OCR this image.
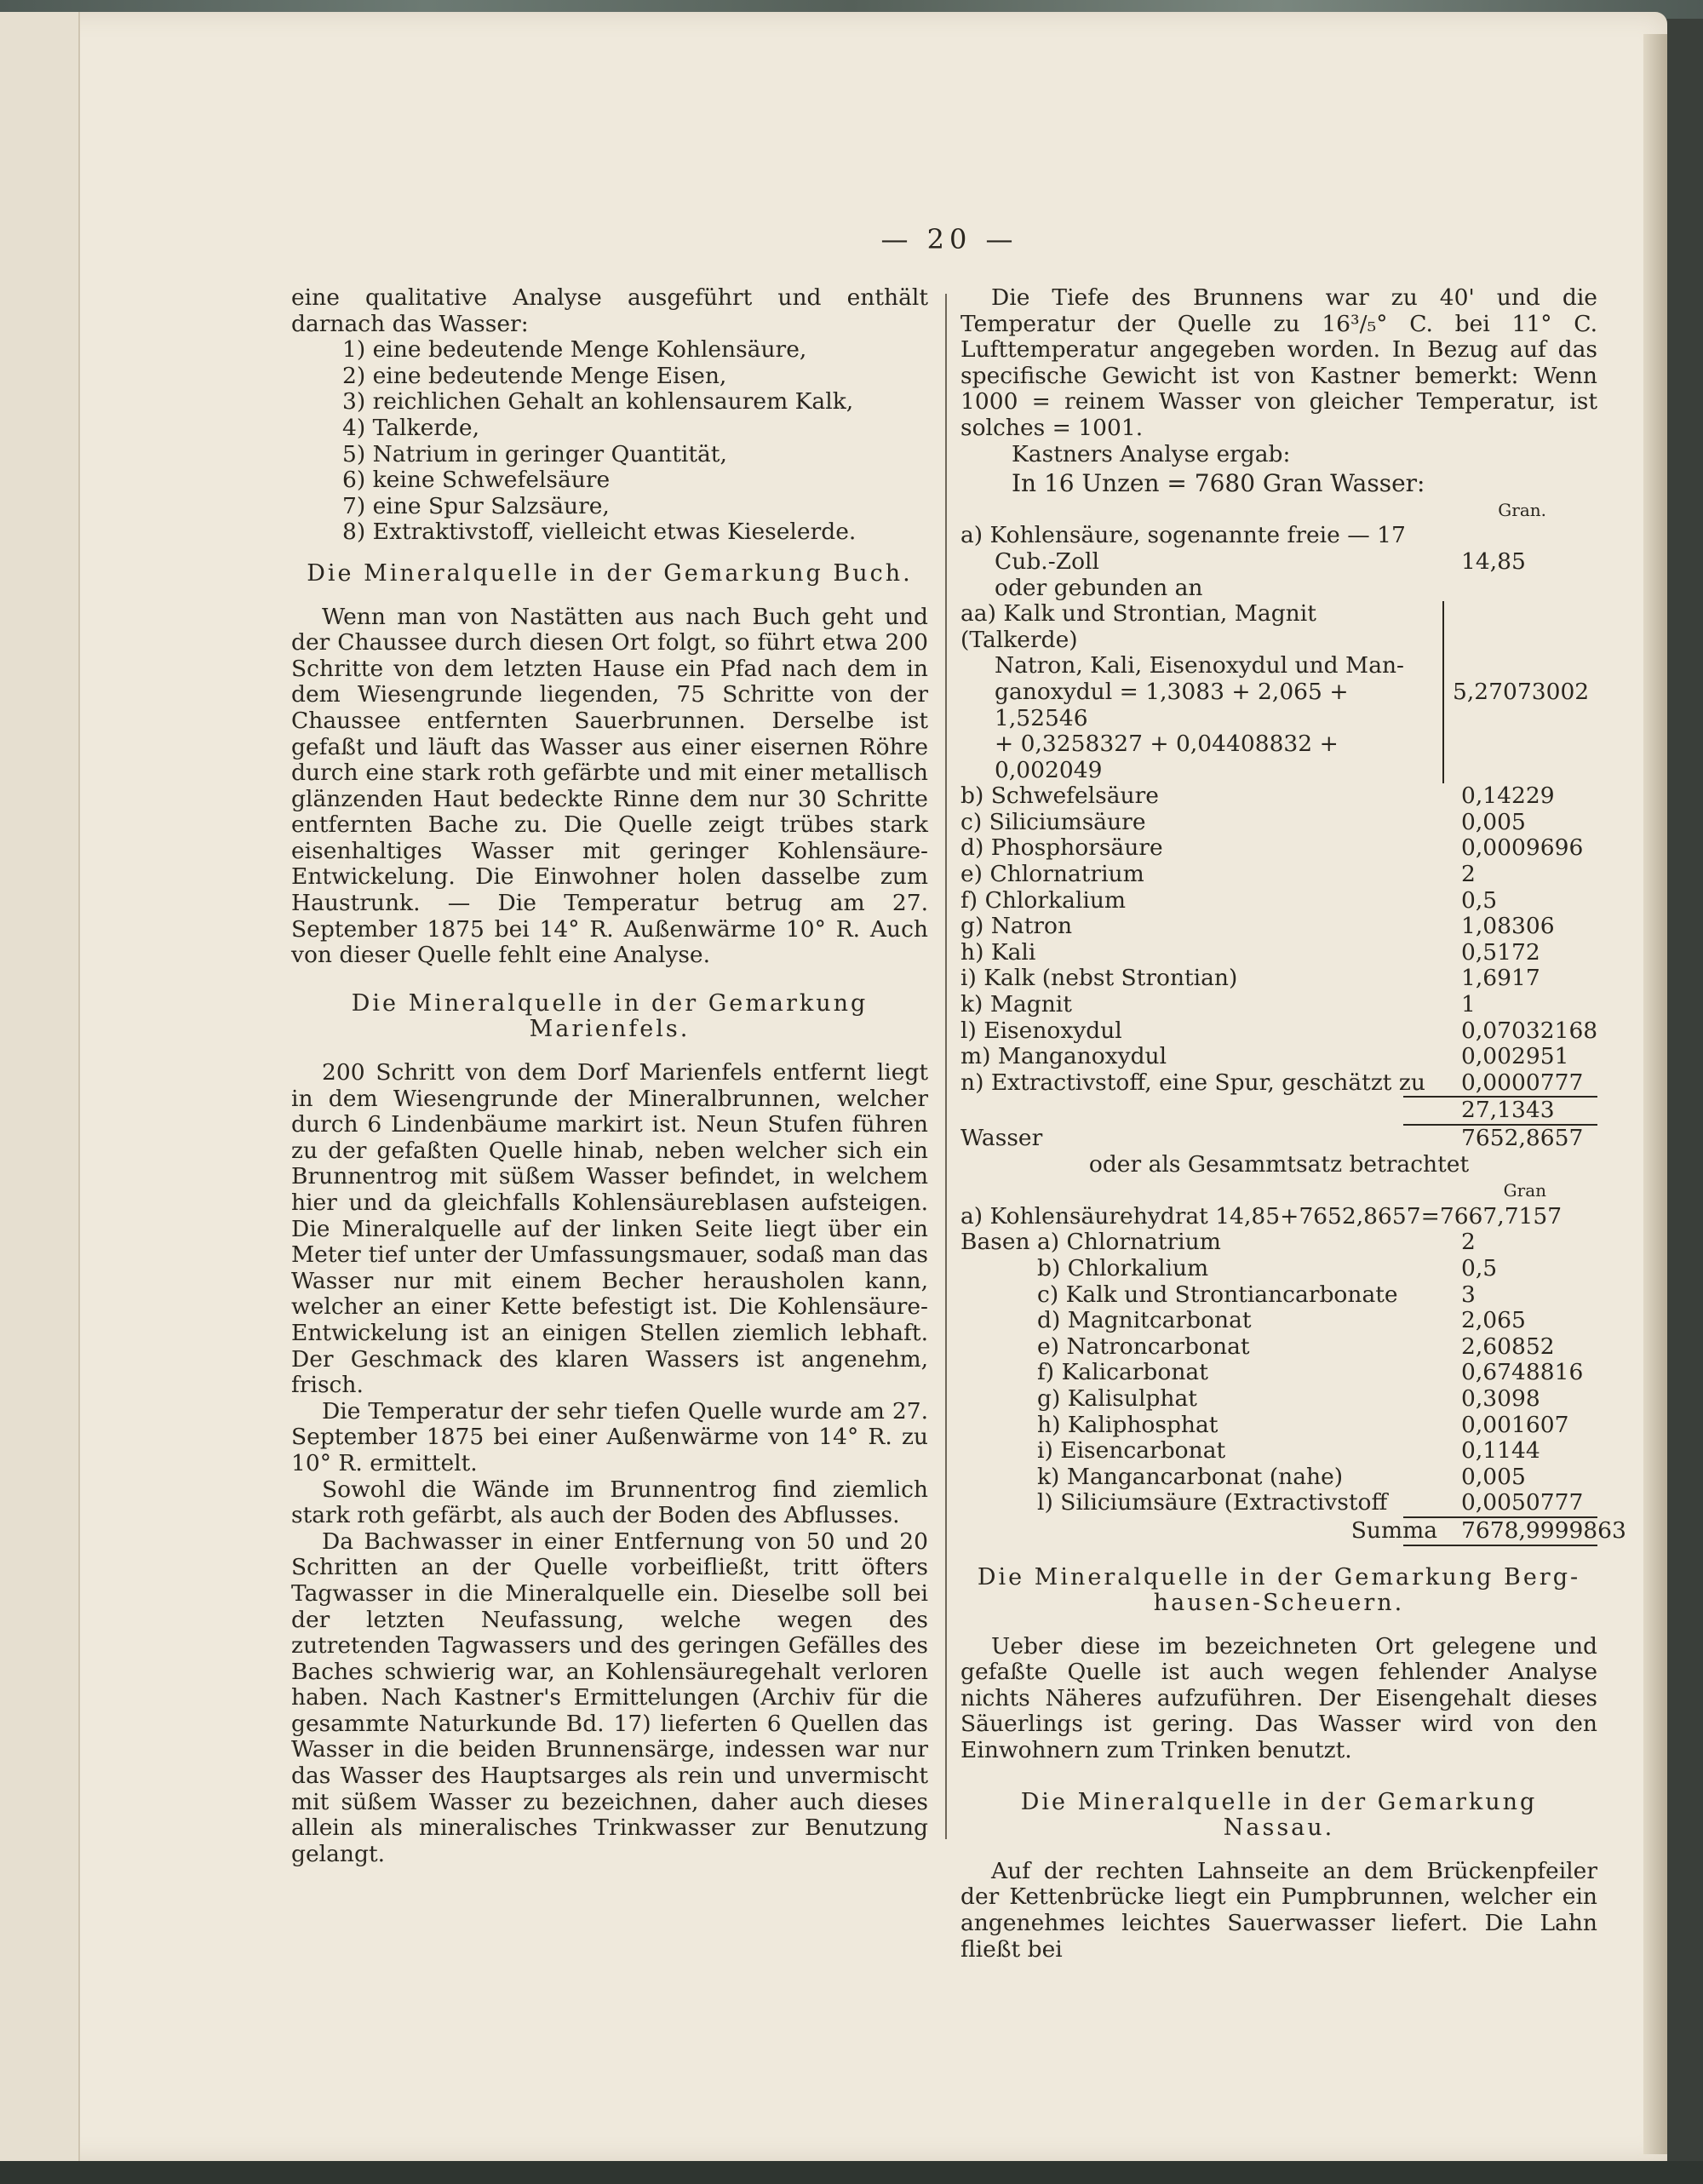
— 20 —

eine qualitative Analyse ausgeführt und enthält darnach das Wasser:

1) eine bedeutende Menge Kohlensäure,
2) eine bedeutende Menge Eisen,
3) reichlichen Gehalt an kohlensaurem Kalk,
4) Talkerde,
5) Natrium in geringer Quantität,
6) keine Schwefelsäure
7) eine Spur Salzsäure,
8) Extraktivstoff, vielleicht etwas Kieselerde.
Die Mineralquelle in der Gemarkung Buch.

Wenn man von Nastätten aus nach Buch geht und der Chaussee durch diesen Ort folgt, so führt etwa 200 Schritte von dem letzten Hause ein Pfad nach dem in dem Wiesengrunde liegenden, 75 Schritte von der Chaussee entfernten Sauerbrunnen. Derselbe ist gefaßt und läuft das Wasser aus einer eisernen Röhre durch eine stark roth gefärbte und mit einer metallisch glänzenden Haut bedeckte Rinne dem nur 30 Schritte entfernten Bache zu. Die Quelle zeigt trübes stark eisenhaltiges Wasser mit geringer Kohlensäure-Entwickelung. Die Einwohner holen dasselbe zum Haustrunk. — Die Temperatur betrug am 27. September 1875 bei 14° R. Außenwärme 10° R. Auch von dieser Quelle fehlt eine Analyse.

Die Mineralquelle in der Gemarkung
Marienfels.

200 Schritt von dem Dorf Marienfels entfernt liegt in dem Wiesengrunde der Mineralbrunnen, welcher durch 6 Lindenbäume markirt ist. Neun Stufen führen zu der gefaßten Quelle hinab, neben welcher sich ein Brunnentrog mit süßem Wasser befindet, in welchem hier und da gleichfalls Kohlensäureblasen aufsteigen. Die Mineralquelle auf der linken Seite liegt über ein Meter tief unter der Umfassungsmauer, sodaß man das Wasser nur mit einem Becher herausholen kann, welcher an einer Kette befestigt ist. Die Kohlensäure-Entwickelung ist an einigen Stellen ziemlich lebhaft. Der Geschmack des klaren Wassers ist angenehm, frisch.

Die Temperatur der sehr tiefen Quelle wurde am 27. September 1875 bei einer Außenwärme von 14° R. zu 10° R. ermittelt.

Sowohl die Wände im Brunnentrog find ziemlich stark roth gefärbt, als auch der Boden des Abflusses.

Da Bachwasser in einer Entfernung von 50 und 20 Schritten an der Quelle vorbeifließt, tritt öfters Tagwasser in die Mineralquelle ein. Dieselbe soll bei der letzten Neufassung, welche wegen des zutretenden Tagwassers und des geringen Gefälles des Baches schwierig war, an Kohlensäuregehalt verloren haben. Nach Kastner's Ermittelungen (Archiv für die gesammte Naturkunde Bd. 17) lieferten 6 Quellen das Wasser in die beiden Brunnensärge, indessen war nur das Wasser des Hauptsarges als rein und unvermischt mit süßem Wasser zu bezeichnen, daher auch dieses allein als mineralisches Trinkwasser zur Benutzung gelangt.

Die Tiefe des Brunnens war zu 40' und die Temperatur der Quelle zu 16³/₅° C. bei 11° C. Lufttemperatur angegeben worden. In Bezug auf das specifische Gewicht ist von Kastner bemerkt: Wenn 1000 = reinem Wasser von gleicher Temperatur, ist solches = 1001.

Kastners Analyse ergab:
In 16 Unzen = 7680 Gran Wasser:
Gran.
a) Kohlensäure, sogenannte freie — 17
Cub.-Zoll	14,85
oder gebunden an
aa) Kalk und Strontian, Magnit (Talkerde)
Natron, Kali, Eisenoxydul und Man-
ganoxydul = 1,3083 + 2,065 + 1,52546
+ 0,3258327 + 0,04408832 + 0,002049
5,27073002
b) Schwefelsäure	0,14229
c) Siliciumsäure	0,005
d) Phosphorsäure	0,0009696
e) Chlornatrium	2
f) Chlorkalium	0,5
g) Natron	1,08306
h) Kali	0,5172
i) Kalk (nebst Strontian)	1,6917
k) Magnit	1
l) Eisenoxydul	0,07032168
m) Manganoxydul	0,002951
n) Extractivstoff, eine Spur, geschätzt zu	0,0000777
27,1343
Wasser	7652,8657
oder als Gesammtsatz betrachtet
Gran
a) Kohlensäurehydrat 14,85+7652,8657=7667,7157
Basen a) Chlornatrium	2
b) Chlorkalium	0,5
c) Kalk und Strontiancarbonate	3
d) Magnitcarbonat	2,065
e) Natroncarbonat	2,60852
f) Kalicarbonat	0,6748816
g) Kalisulphat	0,3098
h) Kaliphosphat	0,001607
i) Eisencarbonat	0,1144
k) Mangancarbonat (nahe)	0,005
l) Siliciumsäure (Extractivstoff	0,0050777
Summa	7678,9999863
Die Mineralquelle in der Gemarkung Berg-
hausen-Scheuern.

Ueber diese im bezeichneten Ort gelegene und gefaßte Quelle ist auch wegen fehlender Analyse nichts Näheres aufzuführen. Der Eisengehalt dieses Säuerlings ist gering. Das Wasser wird von den Einwohnern zum Trinken benutzt.

Die Mineralquelle in der Gemarkung Nassau.

Auf der rechten Lahnseite an dem Brückenpfeiler der Kettenbrücke liegt ein Pumpbrunnen, welcher ein angenehmes leichtes Sauerwasser liefert. Die Lahn fließt bei
